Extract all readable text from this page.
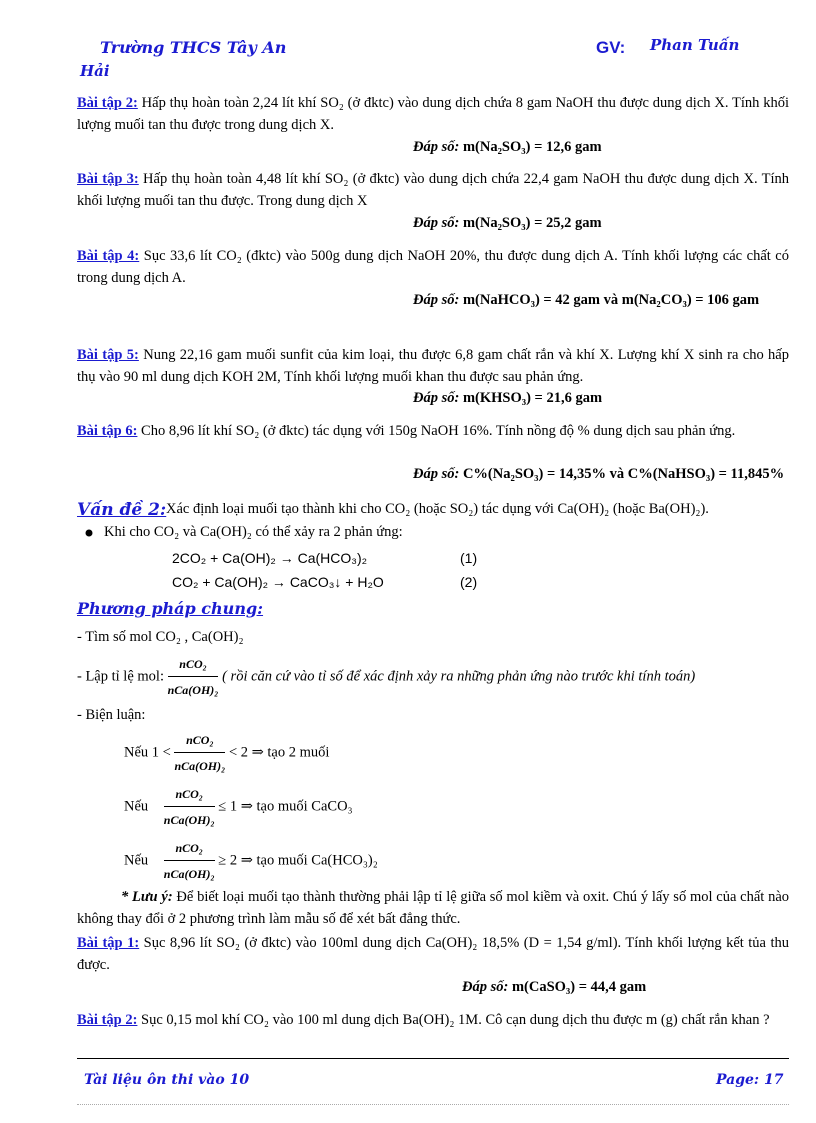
Trường THCS Tây An	GV: Phan Tuấn
Hải
Bài tập 2: Hấp thụ hoàn toàn 2,24 lít khí SO₂ (ở đktc) vào dung dịch chứa 8 gam NaOH thu được dung dịch X. Tính khối lượng muối tan thu được trong dung dịch X.
Đáp số: m(Na₂SO₃) = 12,6 gam
Bài tập 3: Hấp thụ hoàn toàn 4,48 lít khí SO₂ (ở đktc) vào dung dịch chứa 22,4 gam NaOH thu được dung dịch X. Tính khối lượng muối tan thu được. Trong dung dịch X
Đáp số: m(Na₂SO₃) = 25,2 gam
Bài tập 4: Sục 33,6 lít CO₂ (đktc) vào 500g dung dịch NaOH 20%, thu được dung dịch A. Tính khối lượng các chất có trong dung dịch A.
Đáp số: m(NaHCO₃) = 42 gam và m(Na₂CO₃) = 106 gam
Bài tập 5: Nung 22,16 gam muối sunfit của kim loại, thu được 6,8 gam chất rắn và khí X. Lượng khí X sinh ra cho hấp thụ vào 90 ml dung dịch KOH 2M, Tính khối lượng muối khan thu được sau phản ứng.
Đáp số: m(KHSO₃) = 21,6 gam
Bài tập 6: Cho 8,96 lít khí SO₂ (ở đktc) tác dụng với 150g NaOH 16%. Tính nồng độ % dung dịch sau phản ứng.
Đáp số: C%(Na₂SO₃) = 14,35% và C%(NaHSO₃) = 11,845%
Vấn đề 2: Xác định loại muối tạo thành khi cho CO₂ (hoặc SO₂) tác dụng với Ca(OH)₂ (hoặc Ba(OH)₂).
Khi cho CO₂ và Ca(OH)₂ có thể xảy ra 2 phản ứng:
2CO₂ + Ca(OH)₂ → Ca(HCO₃)₂	(1)
CO₂ + Ca(OH)₂ → CaCO₃↓ + H₂O	(2)
Phương pháp chung:
- Tìm số mol CO₂ , Ca(OH)₂
- Lập tỉ lệ mol: $\frac{\text{nCO₂}}{\text{nCa(OH)₂}}$ ( rồi căn cứ vào tỉ số để xác định xảy ra những phản ứng nào trước khi tính toán)
- Biện luận:
Nếu $1 < \frac{\text{nCO₂}}{\text{nCa(OH)₂}} < 2$ ⇒ tạo 2 muối
Nếu $\frac{\text{nCO₂}}{\text{nCa(OH)₂}} \le 1$ ⇒ tạo muối CaCO₃
Nếu $\frac{\text{nCO₂}}{\text{nCa(OH)₂}} \ge 2$ ⇒ tạo muối Ca(HCO₃)₂
* Lưu ý: Để biết loại muối tạo thành thường phải lập tỉ lệ giữa số mol kiềm và oxit. Chú ý lấy số mol của chất nào không thay đổi ở 2 phương trình làm mẫu số để xét bất đẳng thức.
Bài tập 1: Sục 8,96 lít SO₂ (ở đktc) vào 100ml dung dịch Ca(OH)₂ 18,5% (D = 1,54 g/ml). Tính khối lượng kết tủa thu được.
Đáp số: m(CaSO₃) = 44,4 gam
Bài tập 2: Sục 0,15 mol khí CO₂ vào 100 ml dung dịch Ba(OH)₂ 1M. Cô cạn dung dịch thu được m (g) chất rắn khan ?
Tài liệu ôn thi vào 10	Page: 17
